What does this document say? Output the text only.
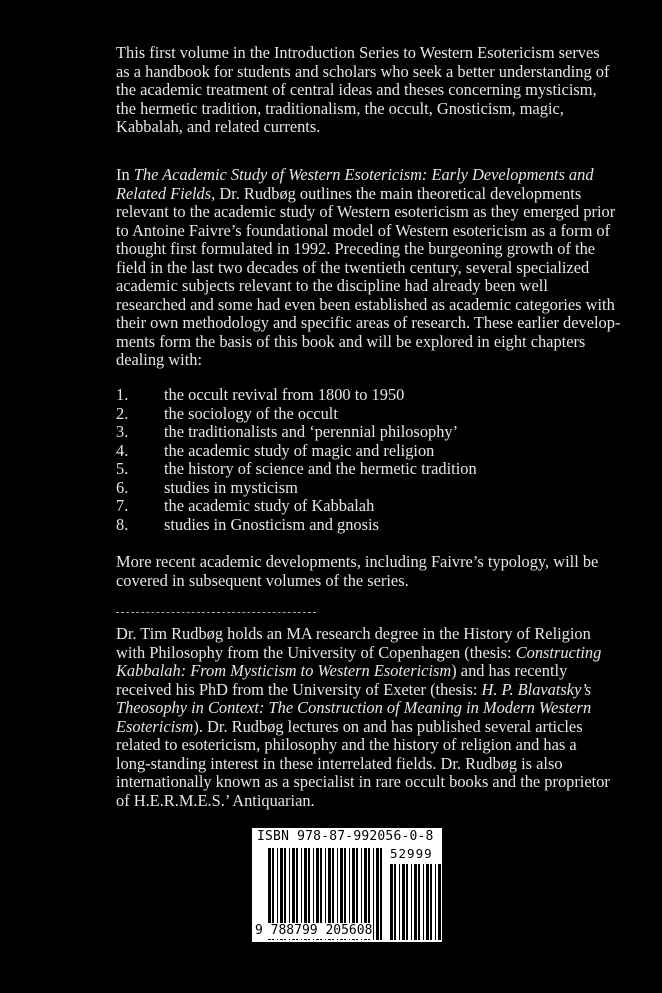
This first volume in the Introduction Series to Western Esotericism serves
as a handbook for students and scholars who seek a better understanding of
the academic treatment of central ideas and theses concerning mysticism,
the hermetic tradition, traditionalism, the occult, Gnosticism, magic,
Kabbalah, and related currents.
In The Academic Study of Western Esotericism: Early Developments and
Related Fields, Dr. Rudbøg outlines the main theoretical developments
relevant to the academic study of Western esotericism as they emerged prior
to Antoine Faivre’s foundational model of Western esotericism as a form of
thought first formulated in 1992. Preceding the burgeoning growth of the
field in the last two decades of the twentieth century, several specialized
academic subjects relevant to the discipline had already been well
researched and some had even been established as academic categories with
their own methodology and specific areas of research. These earlier develop-
ments form the basis of this book and will be explored in eight chapters
dealing with:
1.	the occult revival from 1800 to 1950
2.	the sociology of the occult
3.	the traditionalists and ‘perennial philosophy’
4.	the academic study of magic and religion
5.	the history of science and the hermetic tradition
6.	studies in mysticism
7.	the academic study of Kabbalah
8.	studies in Gnosticism and gnosis
More recent academic developments, including Faivre’s typology, will be
covered in subsequent volumes of the series.
Dr. Tim Rudbøg holds an MA research degree in the History of Religion
with Philosophy from the University of Copenhagen (thesis: Constructing
Kabbalah: From Mysticism to Western Esotericism) and has recently
received his PhD from the University of Exeter (thesis: H. P. Blavatsky’s
Theosophy in Context: The Construction of Meaning in Modern Western
Esotericism). Dr. Rudbøg lectures on and has published several articles
related to esotericism, philosophy and the history of religion and has a
long-standing interest in these interrelated fields. Dr. Rudbøg is also
internationally known as a specialist in rare occult books and the proprietor
of H.E.R.M.E.S.’ Antiquarian.
ISBN 978-87-992056-0-8
52999
9 788799 205608
